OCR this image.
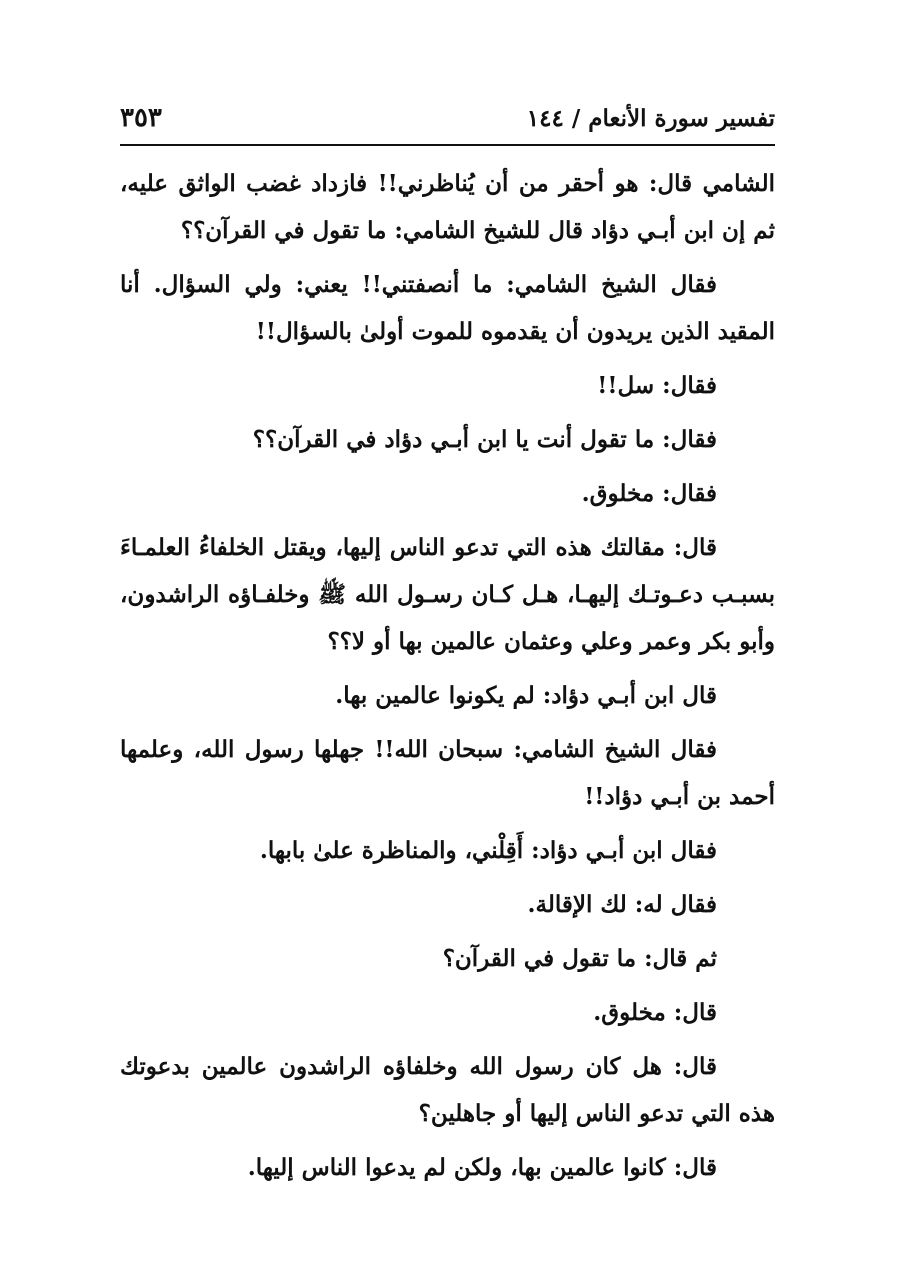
تفسير سورة الأنعام / ١٤٤
٣٥٣

الشامي قال: هو أحقر من أن يُناظرني!! فازداد غضب الواثق عليه، ثم إن ابن أبـي دؤاد قال للشيخ الشامي: ما تقول في القرآن؟؟

فقال الشيخ الشامي: ما أنصفتني!! يعني: ولي السؤال. أنا المقيد الذين يريدون أن يقدموه للموت أولىٰ بالسؤال!!

فقال: سل!!

فقال: ما تقول أنت يا ابن أبـي دؤاد في القرآن؟؟

فقال: مخلوق.

قال: مقالتك هذه التي تدعو الناس إليها، ويقتل الخلفاءُ العلمـاءَ بسبـب دعـوتـك إليهـا، هـل كـان رسـول الله ﷺ وخلفـاؤه الراشدون، وأبو بكر وعمر وعلي وعثمان عالمين بها أو لا؟؟

قال ابن أبـي دؤاد: لم يكونوا عالمين بها.

فقال الشيخ الشامي: سبحان الله!! جهلها رسول الله، وعلمها أحمد بن أبـي دؤاد!!

فقال ابن أبـي دؤاد: أَقِلْني، والمناظرة علىٰ بابها.

فقال له: لك الإقالة.

ثم قال: ما تقول في القرآن؟

قال: مخلوق.

قال: هل كان رسول الله وخلفاؤه الراشدون عالمين بدعوتك هذه التي تدعو الناس إليها أو جاهلين؟

قال: كانوا عالمين بها، ولكن لم يدعوا الناس إليها.
